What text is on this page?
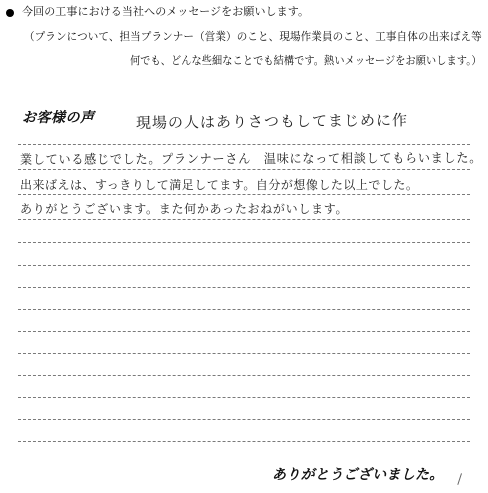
今回の工事における当社へのメッセージをお願いします。
（プランについて、担当プランナー（営業）のこと、現場作業員のこと、工事自体の出来ばえ等
何でも、どんな些細なことでも結構です。熱いメッセージをお願いします。）
お客様の声	現場の人はありさつもしてまじめに作
業している感じでした。プランナーさん　温味になって相談してもらいました。
出来ばえは、すっきりして満足してます。自分が想像した以上でした。
ありがとうございます。また何かあったおねがいします。
ありがとうございました。
